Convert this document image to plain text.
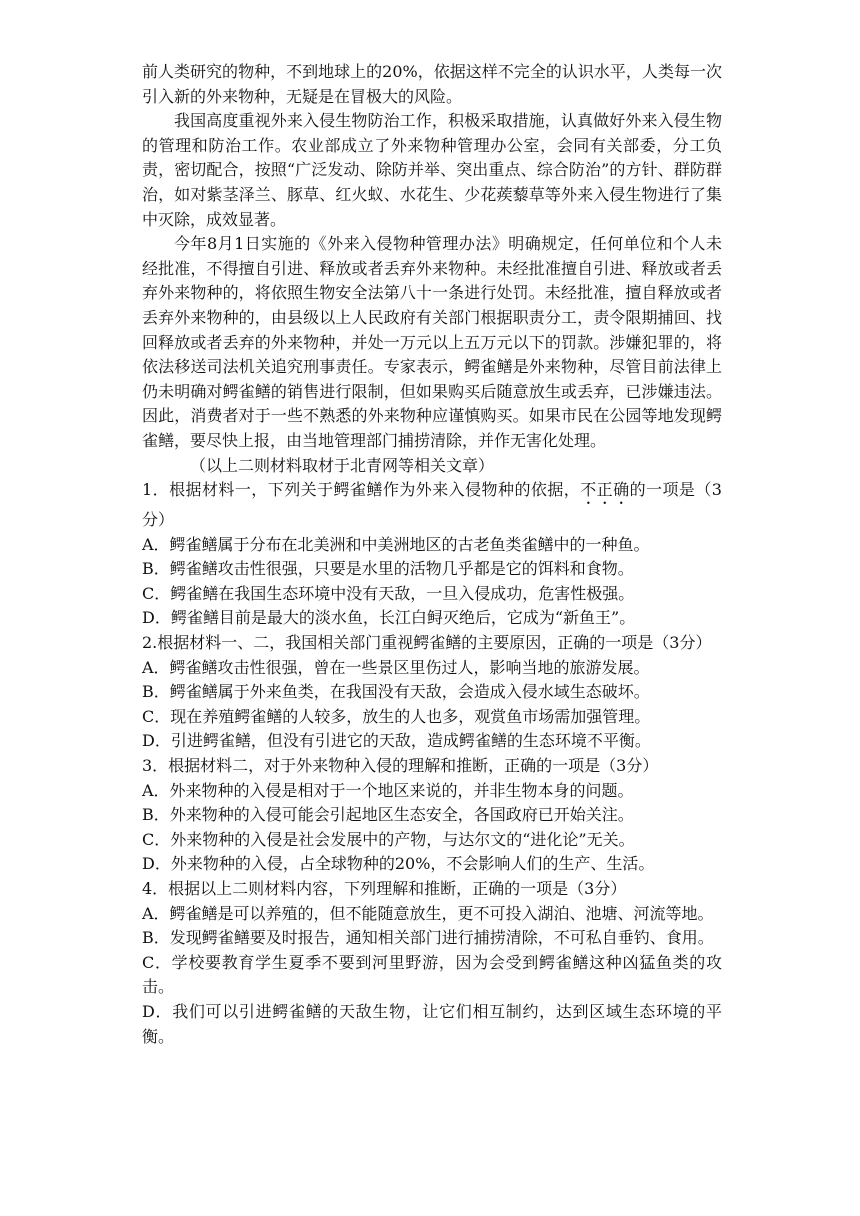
前人类研究的物种，不到地球上的20%，依据这样不完全的认识水平，人类每一次引入新的外来物种，无疑是在冒极大的风险。

我国高度重视外来入侵生物防治工作，积极采取措施，认真做好外来入侵生物的管理和防治工作。农业部成立了外来物种管理办公室，会同有关部委，分工负责，密切配合，按照“广泛发动、除防并举、突出重点、综合防治”的方针、群防群治，如对紫茎泽兰、豚草、红火蚁、水花生、少花蒺藜草等外来入侵生物进行了集中灭除，成效显著。

今年8月1日实施的《外来入侵物种管理办法》明确规定，任何单位和个人未经批准，不得擅自引进、释放或者丢弃外来物种。未经批准擅自引进、释放或者丢弃外来物种的，将依照生物安全法第八十一条进行处罚。未经批准，擅自释放或者丢弃外来物种的，由县级以上人民政府有关部门根据职责分工，责令限期捕回、找回释放或者丢弃的外来物种，并处一万元以上五万元以下的罚款。涉嫌犯罪的，将依法移送司法机关追究刑事责任。专家表示，鳄雀鳝是外来物种，尽管目前法律上仍未明确对鳄雀鳝的销售进行限制，但如果购买后随意放生或丢弃，已涉嫌违法。因此，消费者对于一些不熟悉的外来物种应谨慎购买。如果市民在公园等地发现鳄雀鳝，要尽快上报，由当地管理部门捕捞清除，并作无害化处理。

（以上二则材料取材于北青网等相关文章）

1．根据材料一，下列关于鳄雀鳝作为外来入侵物种的依据，不正确的一项是（3分）

A．鳄雀鳝属于分布在北美洲和中美洲地区的古老鱼类雀鳝中的一种鱼。

B．鳄雀鳝攻击性很强，只要是水里的活物几乎都是它的饵料和食物。

C．鳄雀鳝在我国生态环境中没有天敌，一旦入侵成功，危害性极强。

D．鳄雀鳝目前是最大的淡水鱼，长江白鲟灭绝后，它成为“新鱼王”。

2.根据材料一、二，我国相关部门重视鳄雀鳝的主要原因，正确的一项是（3分）

A．鳄雀鳝攻击性很强，曾在一些景区里伤过人，影响当地的旅游发展。

B．鳄雀鳝属于外来鱼类，在我国没有天敌，会造成入侵水域生态破坏。

C．现在养殖鳄雀鳝的人较多，放生的人也多，观赏鱼市场需加强管理。

D．引进鳄雀鳝，但没有引进它的天敌，造成鳄雀鳝的生态环境不平衡。

3．根据材料二，对于外来物种入侵的理解和推断，正确的一项是（3分）

A．外来物种的入侵是相对于一个地区来说的，并非生物本身的问题。

B．外来物种的入侵可能会引起地区生态安全，各国政府已开始关注。

C．外来物种的入侵是社会发展中的产物，与达尔文的“进化论”无关。

D．外来物种的入侵，占全球物种的20%，不会影响人们的生产、生活。

4．根据以上二则材料内容，下列理解和推断，正确的一项是（3分）

A．鳄雀鳝是可以养殖的，但不能随意放生，更不可投入湖泊、池塘、河流等地。

B．发现鳄雀鳝要及时报告，通知相关部门进行捕捞清除，不可私自垂钓、食用。

C．学校要教育学生夏季不要到河里野游，因为会受到鳄雀鳝这种凶猛鱼类的攻击。

D．我们可以引进鳄雀鳝的天敌生物，让它们相互制约，达到区域生态环境的平衡。
